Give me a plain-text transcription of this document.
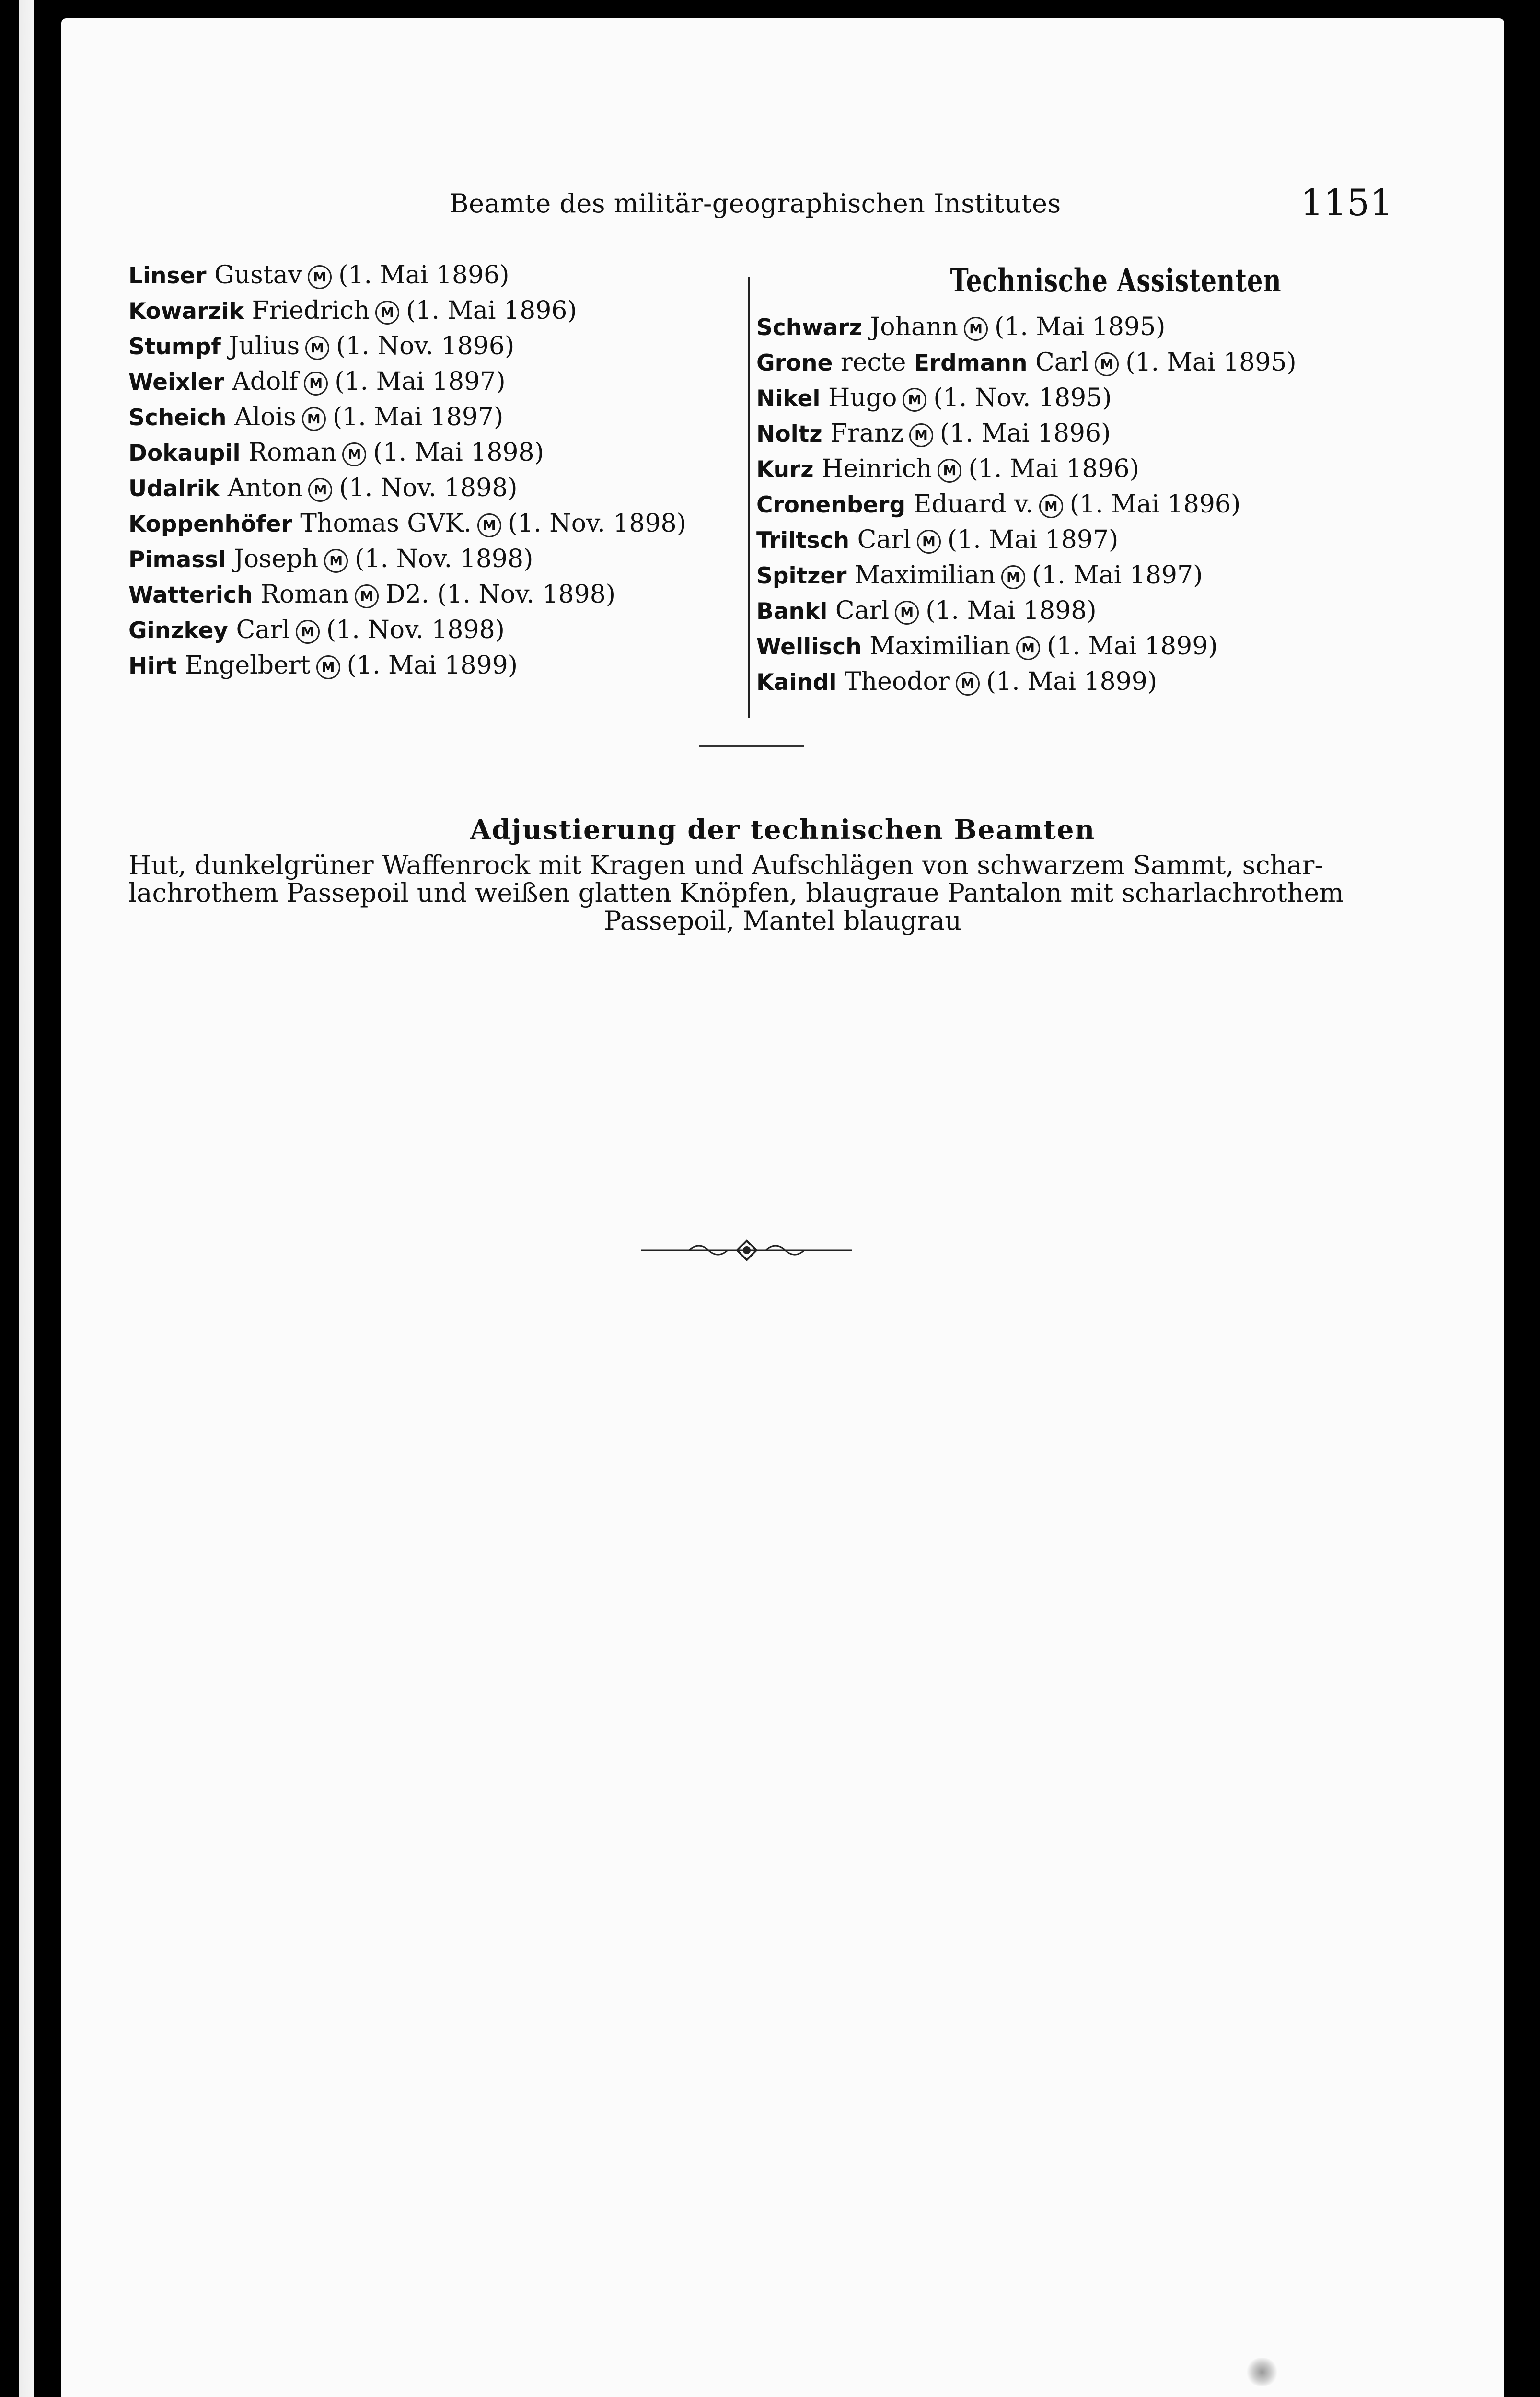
Beamte des militär-geographischen Institutes	1151
Linser Gustav M (1. Mai 1896)
Kowarzik Friedrich M (1. Mai 1896)
Stumpf Julius M (1. Nov. 1896)
Weixler Adolf M (1. Mai 1897)
Scheich Alois M (1. Mai 1897)
Dokaupil Roman M (1. Mai 1898)
Udalrik Anton M (1. Nov. 1898)
Koppenhöfer Thomas GVK. M (1. Nov. 1898)
Pimassl Joseph M (1. Nov. 1898)
Watterich Roman M D2. (1. Nov. 1898)
Ginzkey Carl M (1. Nov. 1898)
Hirt Engelbert M (1. Mai 1899)
Technische Assistenten
Schwarz Johann M (1. Mai 1895)
Grone recte Erdmann Carl M (1. Mai 1895)
Nikel Hugo M (1. Nov. 1895)
Noltz Franz M (1. Mai 1896)
Kurz Heinrich M (1. Mai 1896)
Cronenberg Eduard v. M (1. Mai 1896)
Triltsch Carl M (1. Mai 1897)
Spitzer Maximilian M (1. Mai 1897)
Bankl Carl M (1. Mai 1898)
Wellisch Maximilian M (1. Mai 1899)
Kaindl Theodor M (1. Mai 1899)
Adjustierung der technischen Beamten
Hut, dunkelgrüner Waffenrock mit Kragen und Aufschlägen von schwarzem Sammt, schar-
lachrothem Passepoil und weißen glatten Knöpfen, blaugraue Pantalon mit scharlachrothem

Passepoil, Mantel blaugrau
